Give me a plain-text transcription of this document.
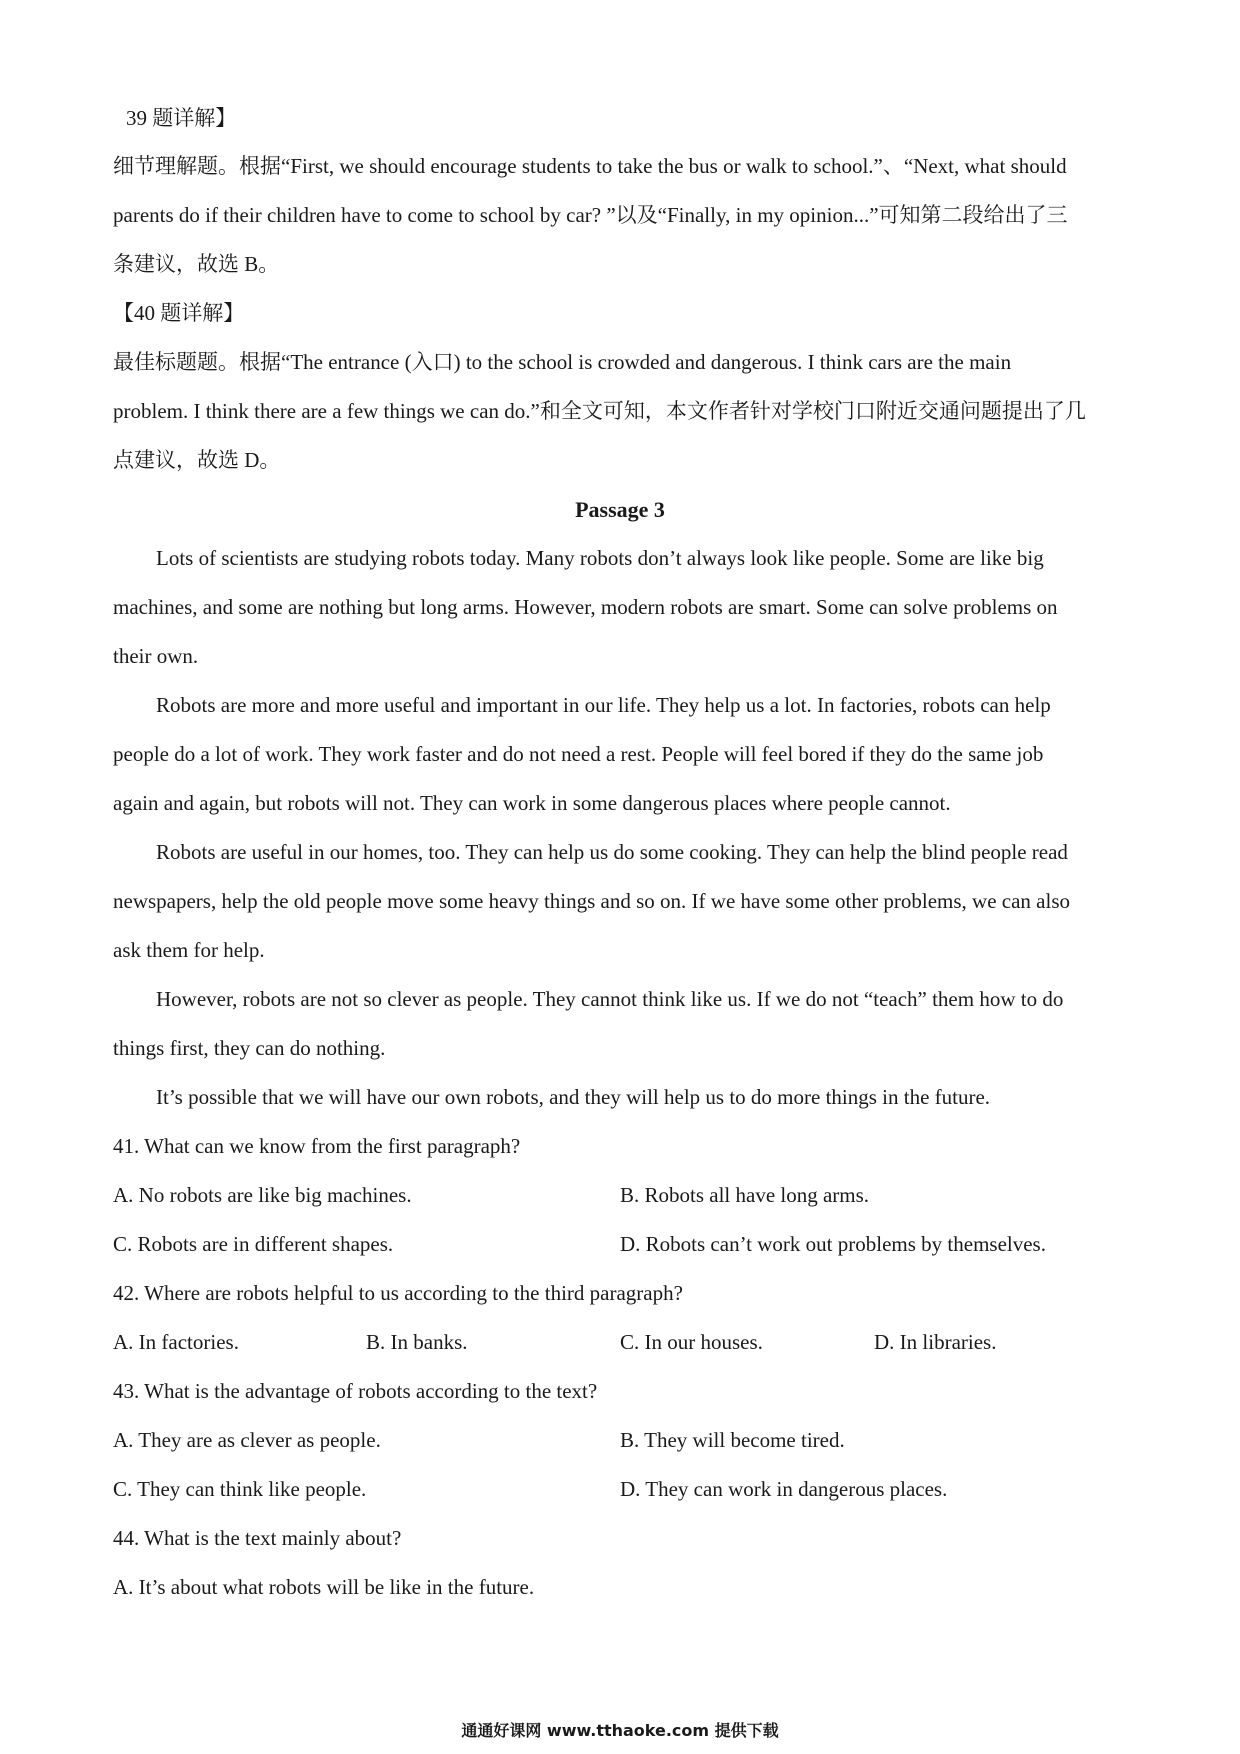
39 题详解】
细节理解题。根据“First, we should encourage students to take the bus or walk to school.”、“Next, what should
parents do if their children have to come to school by car? ”以及“Finally, in my opinion...”可知第二段给出了三
条建议，故选 B。
【40 题详解】
最佳标题题。根据“The entrance (入口) to the school is crowded and dangerous. I think cars are the main
problem. I think there are a few things we can do.”和全文可知，本文作者针对学校门口附近交通问题提出了几
点建议，故选 D。
Passage 3
Lots of scientists are studying robots today. Many robots don’t always look like people. Some are like big
machines, and some are nothing but long arms. However, modern robots are smart. Some can solve problems on
their own.
Robots are more and more useful and important in our life. They help us a lot. In factories, robots can help
people do a lot of work. They work faster and do not need a rest. People will feel bored if they do the same job
again and again, but robots will not. They can work in some dangerous places where people cannot.
Robots are useful in our homes, too. They can help us do some cooking. They can help the blind people read
newspapers, help the old people move some heavy things and so on. If we have some other problems, we can also
ask them for help.
However, robots are not so clever as people. They cannot think like us. If we do not “teach” them how to do
things first, they can do nothing.
It’s possible that we will have our own robots, and they will help us to do more things in the future.
41. What can we know from the first paragraph?
A. No robots are like big machines.	B. Robots all have long arms.
C. Robots are in different shapes.	D. Robots can’t work out problems by themselves.
42. Where are robots helpful to us according to the third paragraph?
A. In factories.	B. In banks.	C. In our houses.	D. In libraries.
43. What is the advantage of robots according to the text?
A. They are as clever as people.	B. They will become tired.
C. They can think like people.	D. They can work in dangerous places.
44. What is the text mainly about?
A. It’s about what robots will be like in the future.
通通好课网 www.tthaoke.com 提供下载
